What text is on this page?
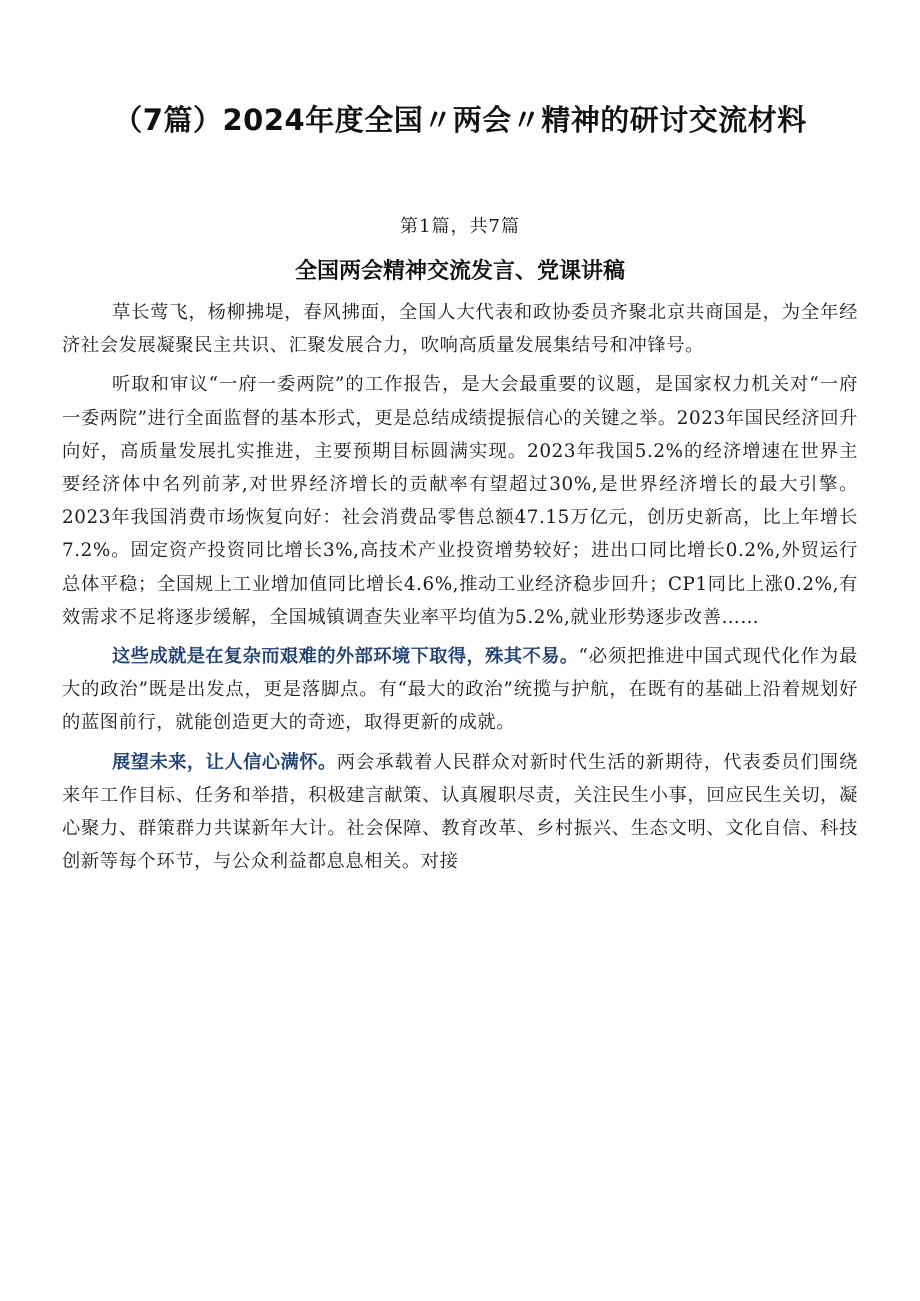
（7篇）2024年度全国〃两会〃精神的研讨交流材料
第1篇，共7篇
全国两会精神交流发言、党课讲稿

草长莺飞，杨柳拂堤，春风拂面，全国人大代表和政协委员齐聚北京共商国是，为全年经济社会发展凝聚民主共识、汇聚发展合力，吹响高质量发展集结号和冲锋号。

听取和审议“一府一委两院”的工作报告，是大会最重要的议题，是国家权力机关对“一府一委两院”进行全面监督的基本形式，更是总结成绩提振信心的关键之举。2023年国民经济回升向好，高质量发展扎实推进，主要预期目标圆满实现。2023年我国5.2%的经济增速在世界主要经济体中名列前茅,对世界经济增长的贡献率有望超过30%,是世界经济增长的最大引擎。2023年我国消费市场恢复向好：社会消费品零售总额47.15万亿元，创历史新高，比上年增长7.2%。固定资产投资同比增长3%,高技术产业投资增势较好；进出口同比增长0.2%,外贸运行总体平稳；全国规上工业增加值同比增长4.6%,推动工业经济稳步回升；CP1同比上涨0.2%,有效需求不足将逐步缓解，全国城镇调查失业率平均值为5.2%,就业形势逐步改善……

这些成就是在复杂而艰难的外部环境下取得，殊其不易。“必须把推进中国式现代化作为最大的政治”既是出发点，更是落脚点。有“最大的政治”统揽与护航，在既有的基础上沿着规划好的蓝图前行，就能创造更大的奇迹，取得更新的成就。

展望未来，让人信心满怀。两会承载着人民群众对新时代生活的新期待，代表委员们围绕来年工作目标、任务和举措，积极建言献策、认真履职尽责，关注民生小事，回应民生关切，凝心聚力、群策群力共谋新年大计。社会保障、教育改革、乡村振兴、生态文明、文化自信、科技创新等每个环节，与公众利益都息息相关。对接
